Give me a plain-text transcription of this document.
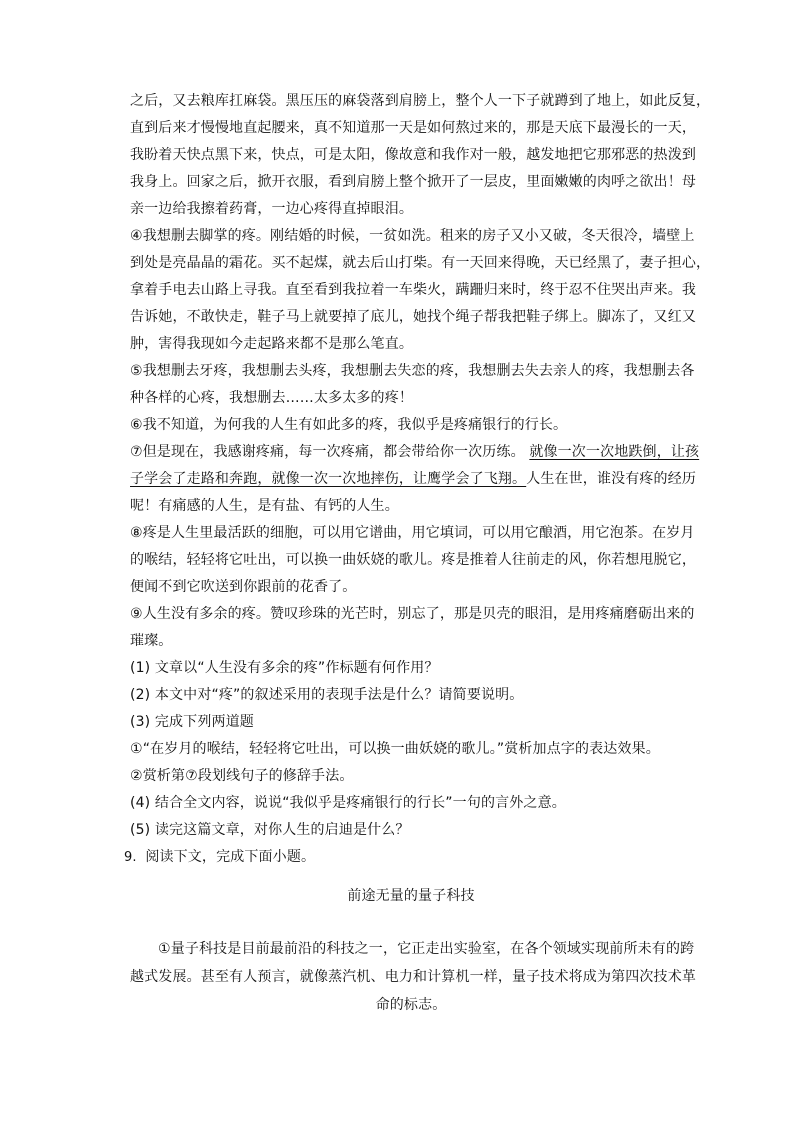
之后，又去粮库扛麻袋。黑压压的麻袋落到肩膀上，整个人一下子就蹲到了地上，如此反复，
直到后来才慢慢地直起腰来，真不知道那一天是如何熬过来的，那是天底下最漫长的一天，
我盼着天快点黑下来，快点，可是太阳，像故意和我作对一般，越发地把它那邪恶的热泼到
我身上。回家之后，掀开衣服，看到肩膀上整个掀开了一层皮，里面嫩嫩的肉呼之欲出！母
亲一边给我擦着药膏，一边心疼得直掉眼泪。
④我想删去脚掌的疼。刚结婚的时候，一贫如洗。租来的房子又小又破，冬天很冷，墙壁上
到处是亮晶晶的霜花。买不起煤，就去后山打柴。有一天回来得晚，天已经黑了，妻子担心，
拿着手电去山路上寻我。直至看到我拉着一车柴火，蹒跚归来时，终于忍不住哭出声来。我
告诉她，不敢快走，鞋子马上就要掉了底儿，她找个绳子帮我把鞋子绑上。脚冻了，又红又
肿，害得我现如今走起路来都不是那么笔直。
⑤我想删去牙疼，我想删去头疼，我想删去失恋的疼，我想删去失去亲人的疼，我想删去各
种各样的心疼，我想删去……太多太多的疼！
⑥我不知道，为何我的人生有如此多的疼，我似乎是疼痛银行的行长。
⑦但是现在，我感谢疼痛，每一次疼痛，都会带给你一次历练。 就像一次一次地跌倒，让孩
子学会了走路和奔跑，就像一次一次地摔伤，让鹰学会了飞翔。人生在世，谁没有疼的经历
呢！有痛感的人生，是有盐、有钙的人生。
⑧疼是人生里最活跃的细胞，可以用它谱曲，用它填词，可以用它酿酒，用它泡茶。在岁月
的喉结，轻轻将它吐出，可以换一曲妖娆的歌儿。疼是推着人往前走的风，你若想甩脱它，
便闻不到它吹送到你跟前的花香了。
⑨人生没有多余的疼。赞叹珍珠的光芒时，别忘了，那是贝壳的眼泪，是用疼痛磨砺出来的
璀璨。
(1) 文章以“人生没有多余的疼”作标题有何作用？
(2) 本文中对“疼”的叙述采用的表现手法是什么？请简要说明。
(3) 完成下列两道题
①“在岁月的喉结，轻轻将它吐出，可以换一曲妖娆的歌儿。”赏析加点字的表达效果。
②赏析第⑦段划线句子的修辞手法。
(4) 结合全文内容，说说“我似乎是疼痛银行的行长”一句的言外之意。
(5) 读完这篇文章，对你人生的启迪是什么？
9. 阅读下文，完成下面小题。
前途无量的量子科技
①量子科技是目前最前沿的科技之一，它正走出实验室，在各个领域实现前所未有的跨
越式发展。甚至有人预言，就像蒸汽机、电力和计算机一样，量子技术将成为第四次技术革
命的标志。
